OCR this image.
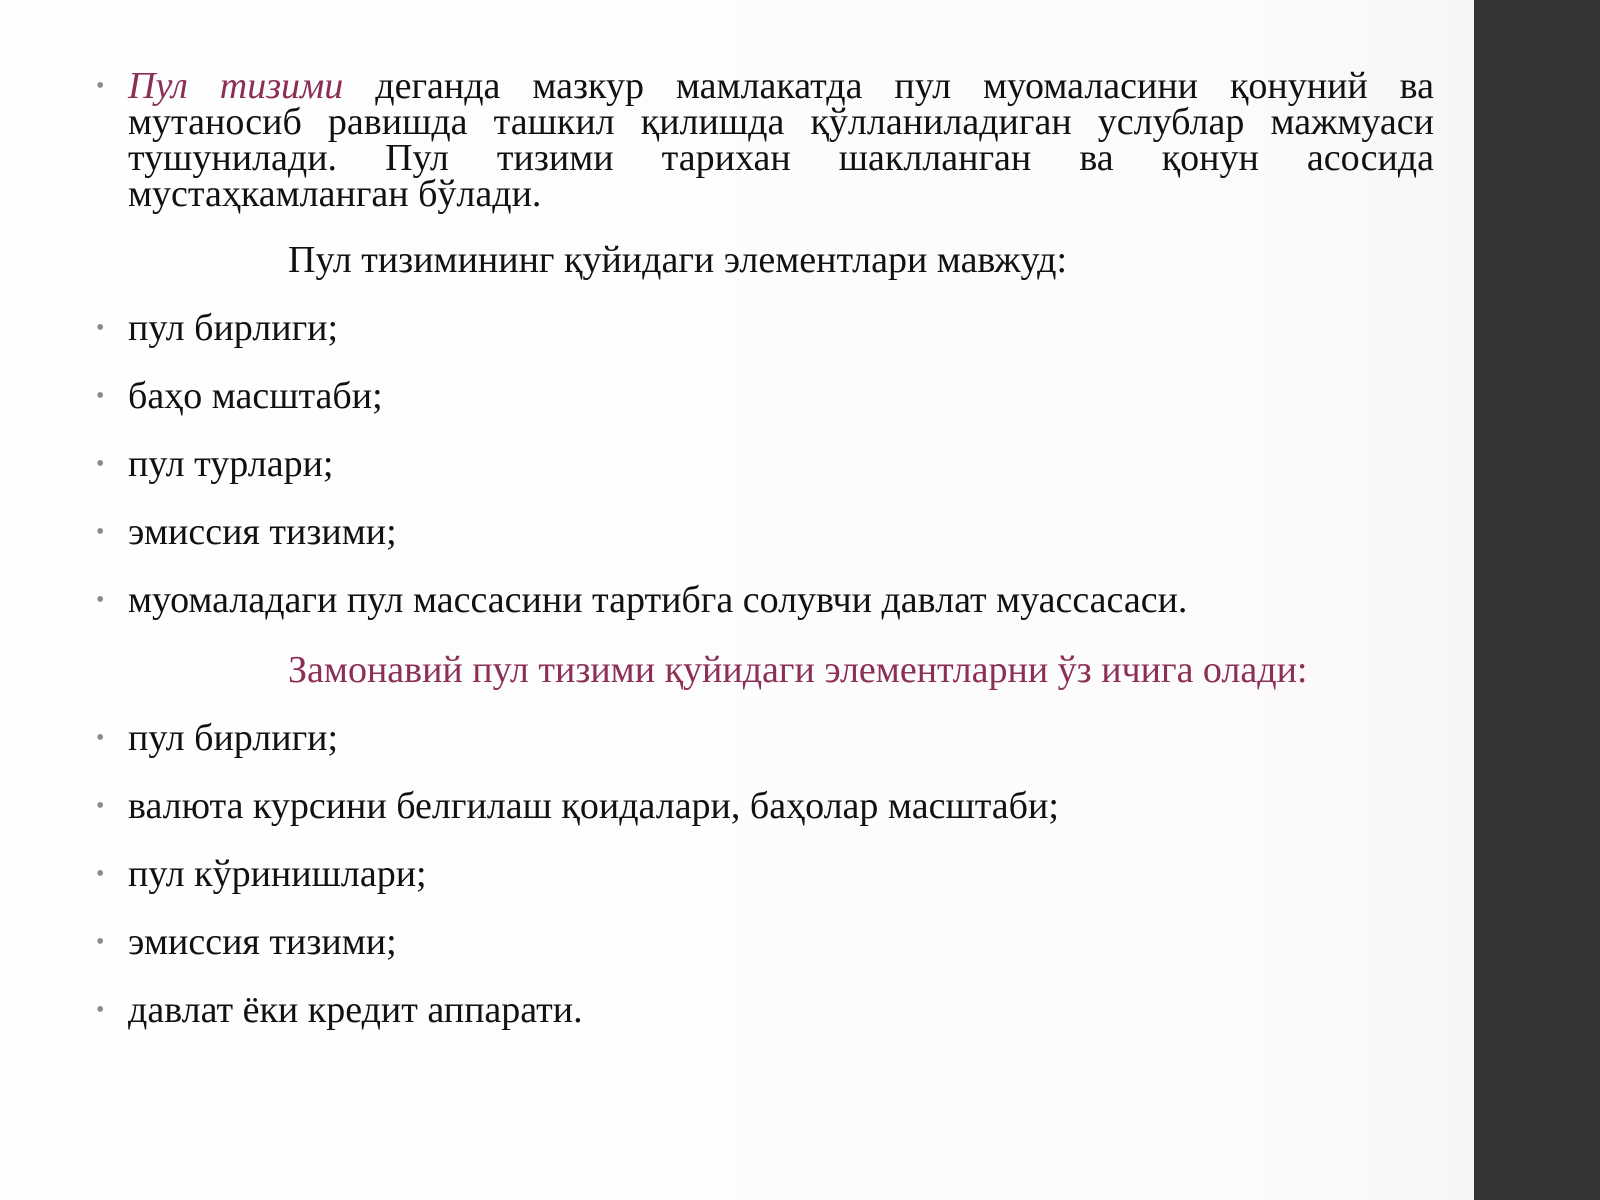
• Пул тизими деганда мазкур мамлакатда пул муомаласини қонуний ва мутаносиб равишда ташкил қилишда қўлланиладиган услублар мажмуаси тушунилади. Пул тизими тарихан шаклланган ва қонун асосида мустаҳкамланган бўлади.
Пул тизимининг қуйидаги элементлари мавжуд:
• пул бирлиги;
• баҳо масштаби;
• пул турлари;
• эмиссия тизими;
• муомаладаги пул массасини тартибга солувчи давлат муассасаси.
Замонавий пул тизими қуйидаги элементларни ўз ичига олади:
• пул бирлиги;
• валюта курсини белгилаш қоидалари, баҳолар масштаби;
• пул кўринишлари;
• эмиссия тизими;
• давлат ёки кредит аппарати.
